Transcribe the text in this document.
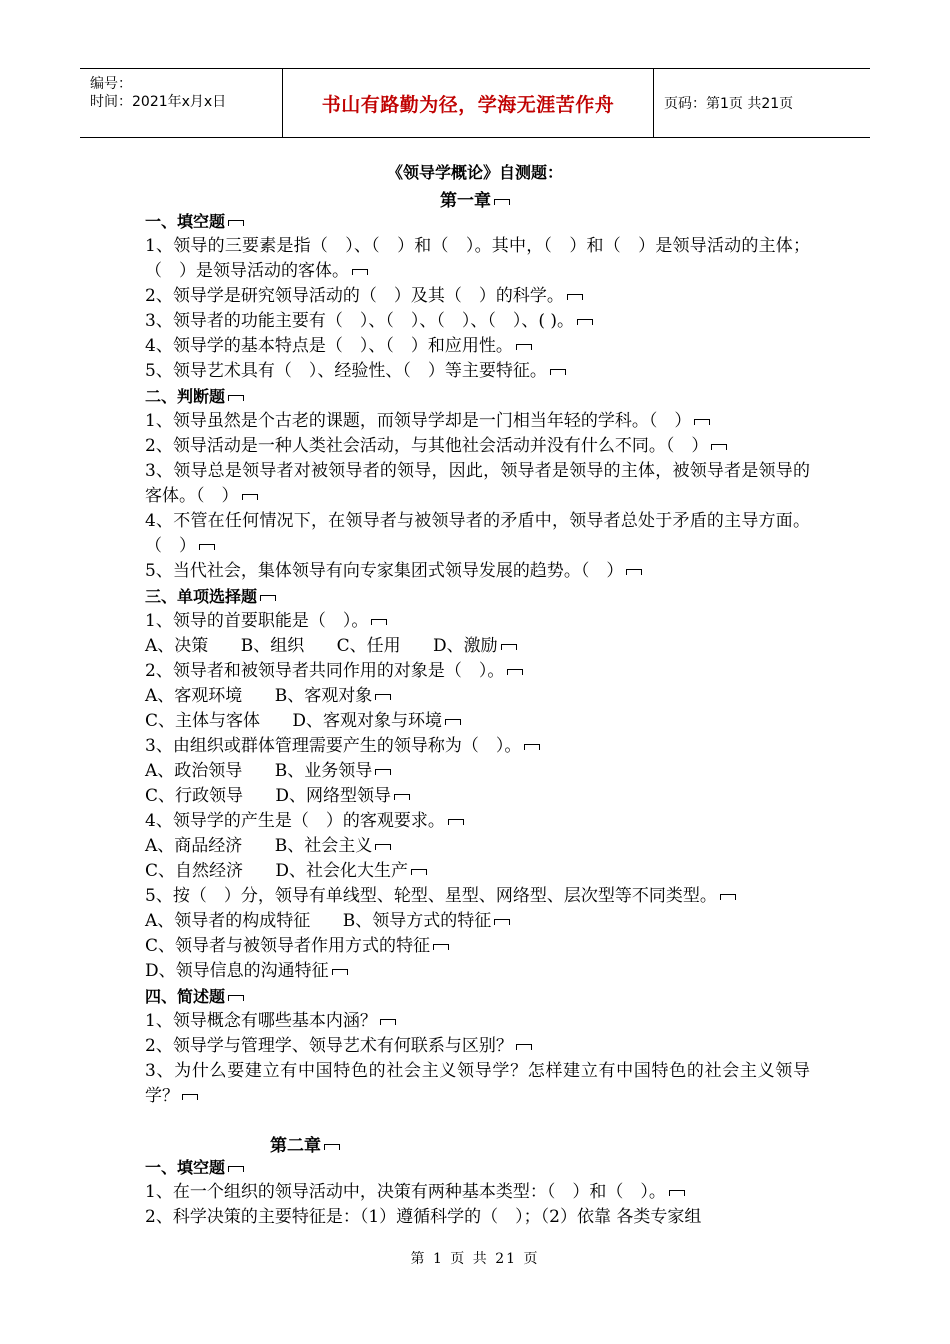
编号：
时间：2021年x月x日	书山有路勤为径，学海无涯苦作舟	页码：第1页 共21页
《领导学概论》自测题：
第一章
一、填空题
1、领导的三要素是指（　）、（　）和（　）。其中，（　）和（　）是领导活动的主体；（　）是领导活动的客体。
2、领导学是研究领导活动的（　）及其（　）的科学。
3、领导者的功能主要有（　）、（　）、（　）、（　）、( )。
4、领导学的基本特点是（　）、（　）和应用性。
5、领导艺术具有（　）、经验性、（　）等主要特征。
二、判断题
1、领导虽然是个古老的课题，而领导学却是一门相当年轻的学科。（　）
2、领导活动是一种人类社会活动，与其他社会活动并没有什么不同。（　）
3、领导总是领导者对被领导者的领导，因此，领导者是领导的主体，被领导者是领导的客体。（　）
4、不管在任何情况下，在领导者与被领导者的矛盾中，领导者总处于矛盾的主导方面。（　）
5、当代社会，集体领导有向专家集团式领导发展的趋势。（　）
三、单项选择题
1、领导的首要职能是（　）。
A、决策      B、组织      C、任用      D、激励
2、领导者和被领导者共同作用的对象是（　）。
A、客观环境      B、客观对象
C、主体与客体      D、客观对象与环境
3、由组织或群体管理需要产生的领导称为（　）。
A、政治领导      B、业务领导
C、行政领导      D、网络型领导
4、领导学的产生是（　）的客观要求。
A、商品经济      B、社会主义
C、自然经济      D、社会化大生产
5、按（　）分，领导有单线型、轮型、星型、网络型、层次型等不同类型。
A、领导者的构成特征      B、领导方式的特征
C、领导者与被领导者作用方式的特征
D、领导信息的沟通特征
四、简述题
1、领导概念有哪些基本内涵？
2、领导学与管理学、领导艺术有何联系与区别？
3、为什么要建立有中国特色的社会主义领导学？怎样建立有中国特色的社会主义领导学？
第二章
一、填空题
1、在一个组织的领导活动中，决策有两种基本类型：（　）和（　）。
2、科学决策的主要特征是：（1）遵循科学的（　）；（2）依靠 各类专家组
第 1 页 共 21 页
